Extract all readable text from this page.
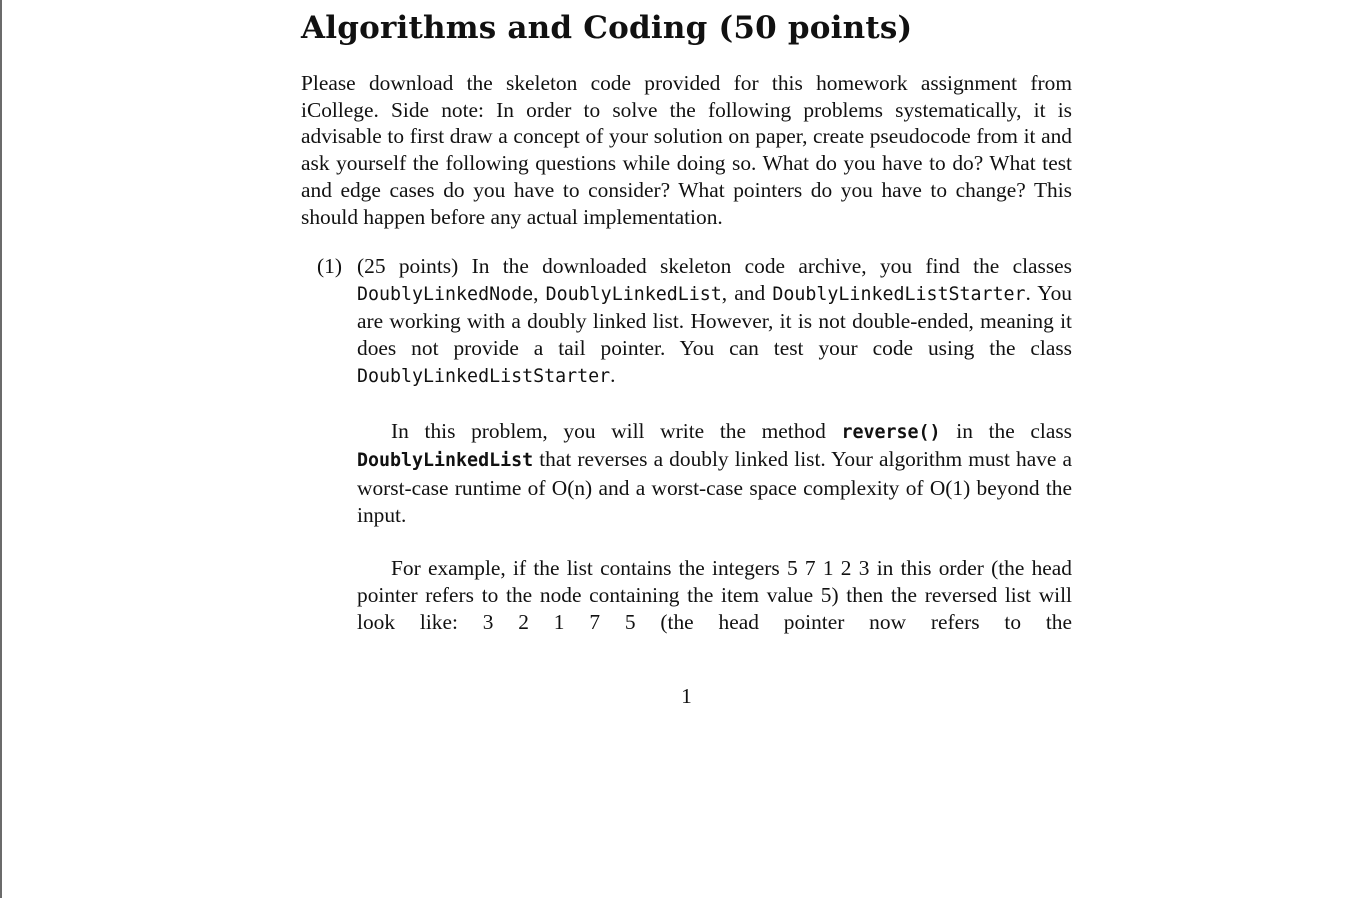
Algorithms and Coding (50 points)

Please download the skeleton code provided for this homework assignment from iCollege. Side note: In order to solve the following problems systematically, it is advisable to first draw a concept of your solution on paper, create pseudocode from it and ask yourself the following questions while doing so. What do you have to do? What test and edge cases do you have to consider? What pointers do you have to change? This should happen before any actual implementation.

(1) (25 points) In the downloaded skeleton code archive, you find the classes DoublyLinkedNode, DoublyLinkedList, and DoublyLinkedListStarter. You are working with a doubly linked list. However, it is not double-ended, meaning it does not provide a tail pointer. You can test your code using the class DoublyLinkedListStarter.

In this problem, you will write the method reverse() in the class DoublyLinkedList that reverses a doubly linked list. Your algorithm must have a worst-case runtime of O(n) and a worst-case space complexity of O(1) beyond the input.

For example, if the list contains the integers 5 7 1 2 3 in this order (the head pointer refers to the node containing the item value 5) then the reversed list will look like: 3 2 1 7 5 (the head pointer now refers to the

1
